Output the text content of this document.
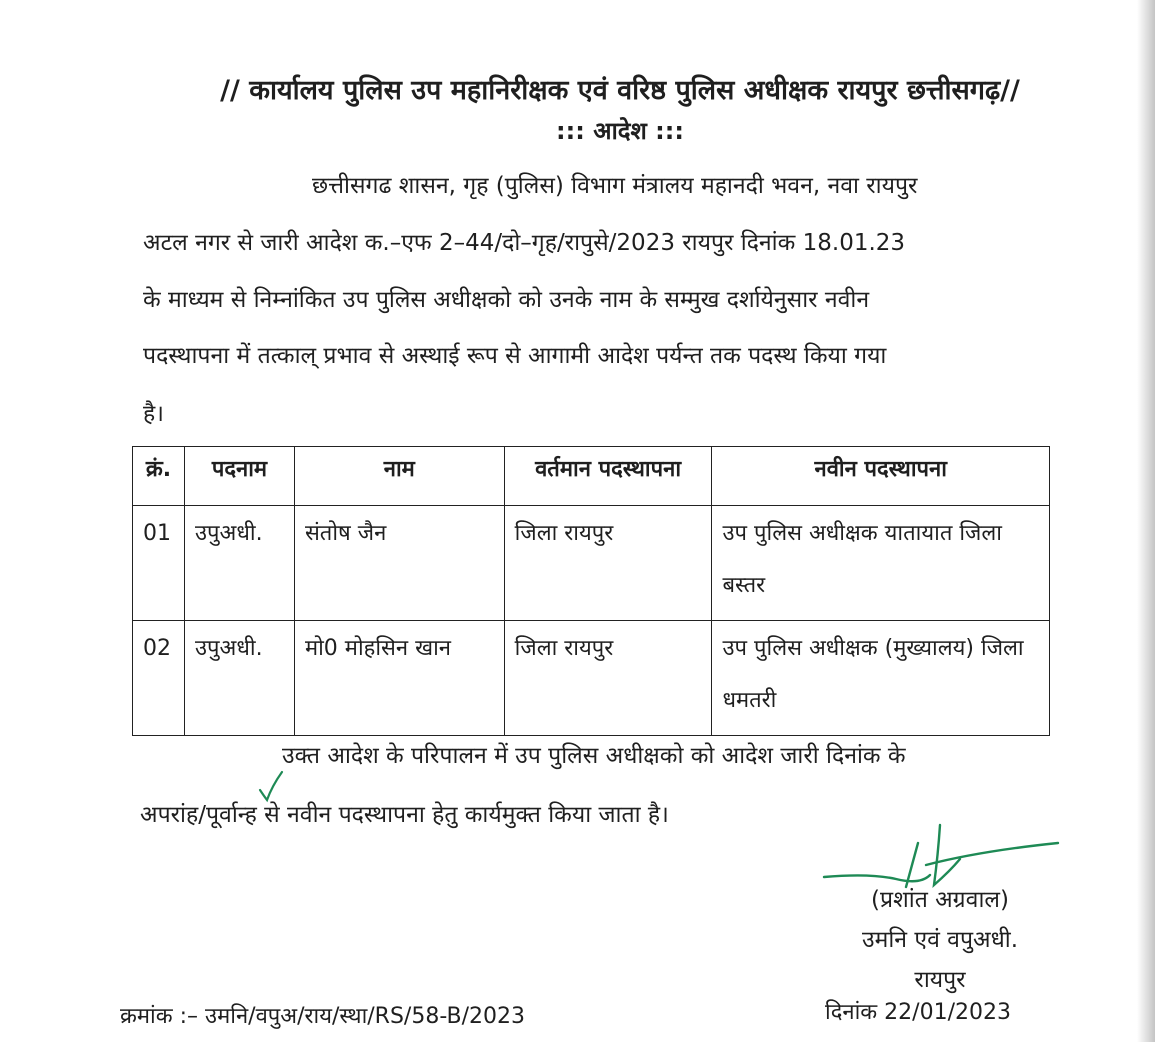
// कार्यालय पुलिस उप महानिरीक्षक एवं वरिष्ठ पुलिस अधीक्षक रायपुर छत्तीसगढ़//
::: आदेश :::
छत्तीसगढ शासन, गृह (पुलिस) विभाग मंत्रालय महानदी भवन, नवा रायपुर
अटल नगर से जारी आदेश क.–एफ 2–44/दो–गृह/रापुसे/2023 रायपुर दिनांक 18.01.23
के माध्यम से निम्नांकित उप पुलिस अधीक्षको को उनके नाम के सम्मुख दर्शायेनुसार नवीन
पदस्थापना में तत्काल् प्रभाव से अस्थाई रूप से आगामी आदेश पर्यन्त तक पदस्थ किया गया
है।
क्रं.	पदनाम	नाम	वर्तमान पदस्थापना	नवीन पदस्थापना
01	उपुअधी.	संतोष जैन	जिला रायपुर	उप पुलिस अधीक्षक यातायात जिला बस्तर
02	उपुअधी.	मो0 मोहसिन खान	जिला रायपुर	उप पुलिस अधीक्षक (मुख्यालय) जिला धमतरी
उक्त आदेश के परिपालन में उप पुलिस अधीक्षको को आदेश जारी दिनांक के
अपरांह/पूर्वान्ह से नवीन पदस्थापना हेतु कार्यमुक्त किया जाता है।
(प्रशांत अग्रवाल)
उमनि एवं वपुअधी.
रायपुर
क्रमांक :– उमनि/वपुअ/राय/स्था/RS/58-B/2023	दिनांक 22/01/2023
